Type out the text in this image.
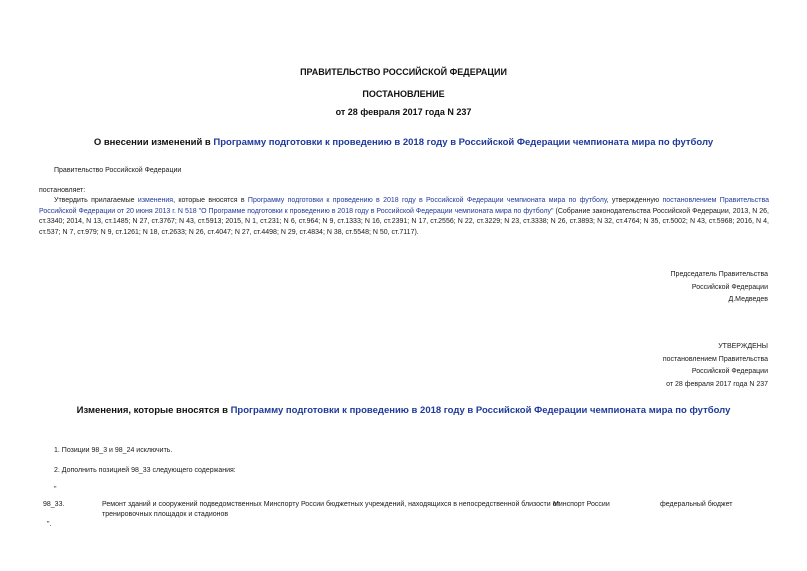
ПРАВИТЕЛЬСТВО РОССИЙСКОЙ ФЕДЕРАЦИИ
ПОСТАНОВЛЕНИЕ
от 28 февраля 2017 года N 237
О внесении изменений в Программу подготовки к проведению в 2018 году в Российской Федерации чемпионата мира по футболу
Правительство Российской Федерации
постановляет:
Утвердить прилагаемые изменения, которые вносятся в Программу подготовки к проведению в 2018 году в Российской Федерации чемпионата мира по футболу, утвержденную постановлением Правительства Российской Федерации от 20 июня 2013 г. N 518 "О Программе подготовки к проведению в 2018 году в Российской Федерации чемпионата мира по футболу" (Собрание законодательства Российской Федерации, 2013, N 26, ст.3340; 2014, N 13, ст.1485; N 27, ст.3767; N 43, ст.5913; 2015, N 1, ст.231; N 6, ст.964; N 9, ст.1333; N 16, ст.2391; N 17, ст.2556; N 22, ст.3229; N 23, ст.3338; N 26, ст.3893; N 32, ст.4764; N 35, ст.5002; N 43, ст.5968; 2016, N 4, ст.537; N 7, ст.979; N 9, ст.1261; N 18, ст.2633; N 26, ст.4047; N 27, ст.4498; N 29, ст.4834; N 38, ст.5548; N 50, ст.7117).
Председатель Правительства
Российской Федерации
Д.Медведев
УТВЕРЖДЕНЫ
постановлением Правительства
Российской Федерации
от 28 февраля 2017 года N 237
Изменения, которые вносятся в Программу подготовки к проведению в 2018 году в Российской Федерации чемпионата мира по футболу
1. Позиции 98_3 и 98_24 исключить.
2. Дополнить позицией 98_33 следующего содержания:
"
98_33.	Ремонт зданий и сооружений подведомственных Минспорту России бюджетных учреждений, находящихся в непосредственной близости от
тренировочных площадок и стадионов
Минспорт России	федеральный бюджет
".
